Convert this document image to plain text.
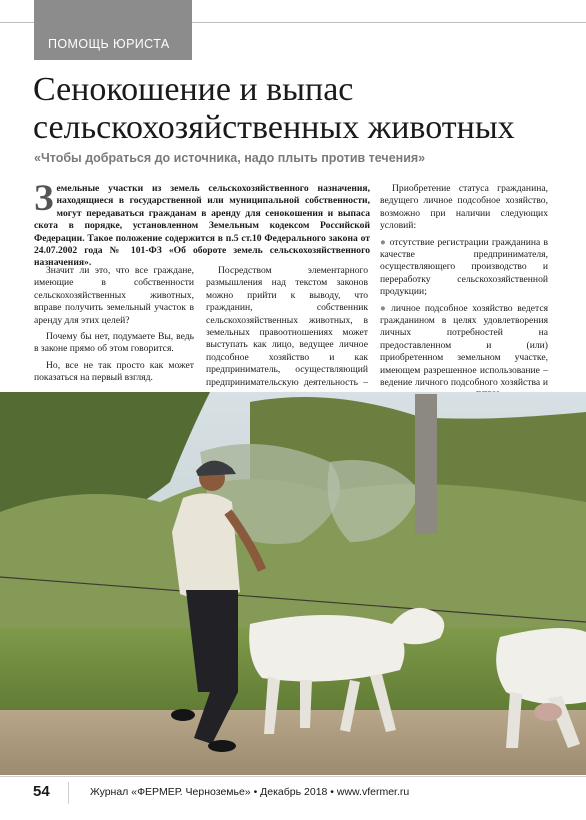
ПОМОЩЬ ЮРИСТА
Сенокошение и выпас сельскохозяйственных животных

«Чтобы добраться до источника, надо плыть против течения»

Земельные участки из земель сельскохозяйственного назначения, находящиеся в государственной или муниципальной собственности, могут передаваться гражданам в аренду для сенокошения и выпаса скота в порядке, установленном Земельным кодексом Российской Федерации. Такое положение содержится в п.5 ст.10 Федерального закона от 24.07.2002 года № 101-ФЗ «Об обороте земель сельскохозяйственного назначения».

Значит ли это, что все граждане, имеющие в собственности сельскохозяйственных животных, вправе получить земельный участок в аренду для этих целей?

Почему бы нет, подумаете Вы, ведь в законе прямо об этом говорится.

Но, все не так просто как может показаться на первый взгляд.

Посредством элементарного размышления над текстом законов можно прийти к выводу, что гражданин, собственник сельскохозяйственных животных, в земельных правоотношениях может выступать как лицо, ведущее личное подсобное хозяйство и как предприниматель, осуществляющий предпринимательскую деятельность –

Приобретение статуса гражданина, ведущего личное подсобное хозяйство, возможно при наличии следующих условий:

● отсутствие регистрации гражданина в качестве предпринимателя, осуществляющего производство и переработку сельскохозяйственной продукции;

● личное подсобное хозяйство ведется гражданином в целях удовлетворения личных потребностей на предоставленном и (или) приобретенном земельном участке, имеющем разрешенное использование – ведение личного подсобного хозяйства и

54	Журнал «ФЕРМЕР. Черноземье» • Декабрь 2018 • www.vfermer.ru
